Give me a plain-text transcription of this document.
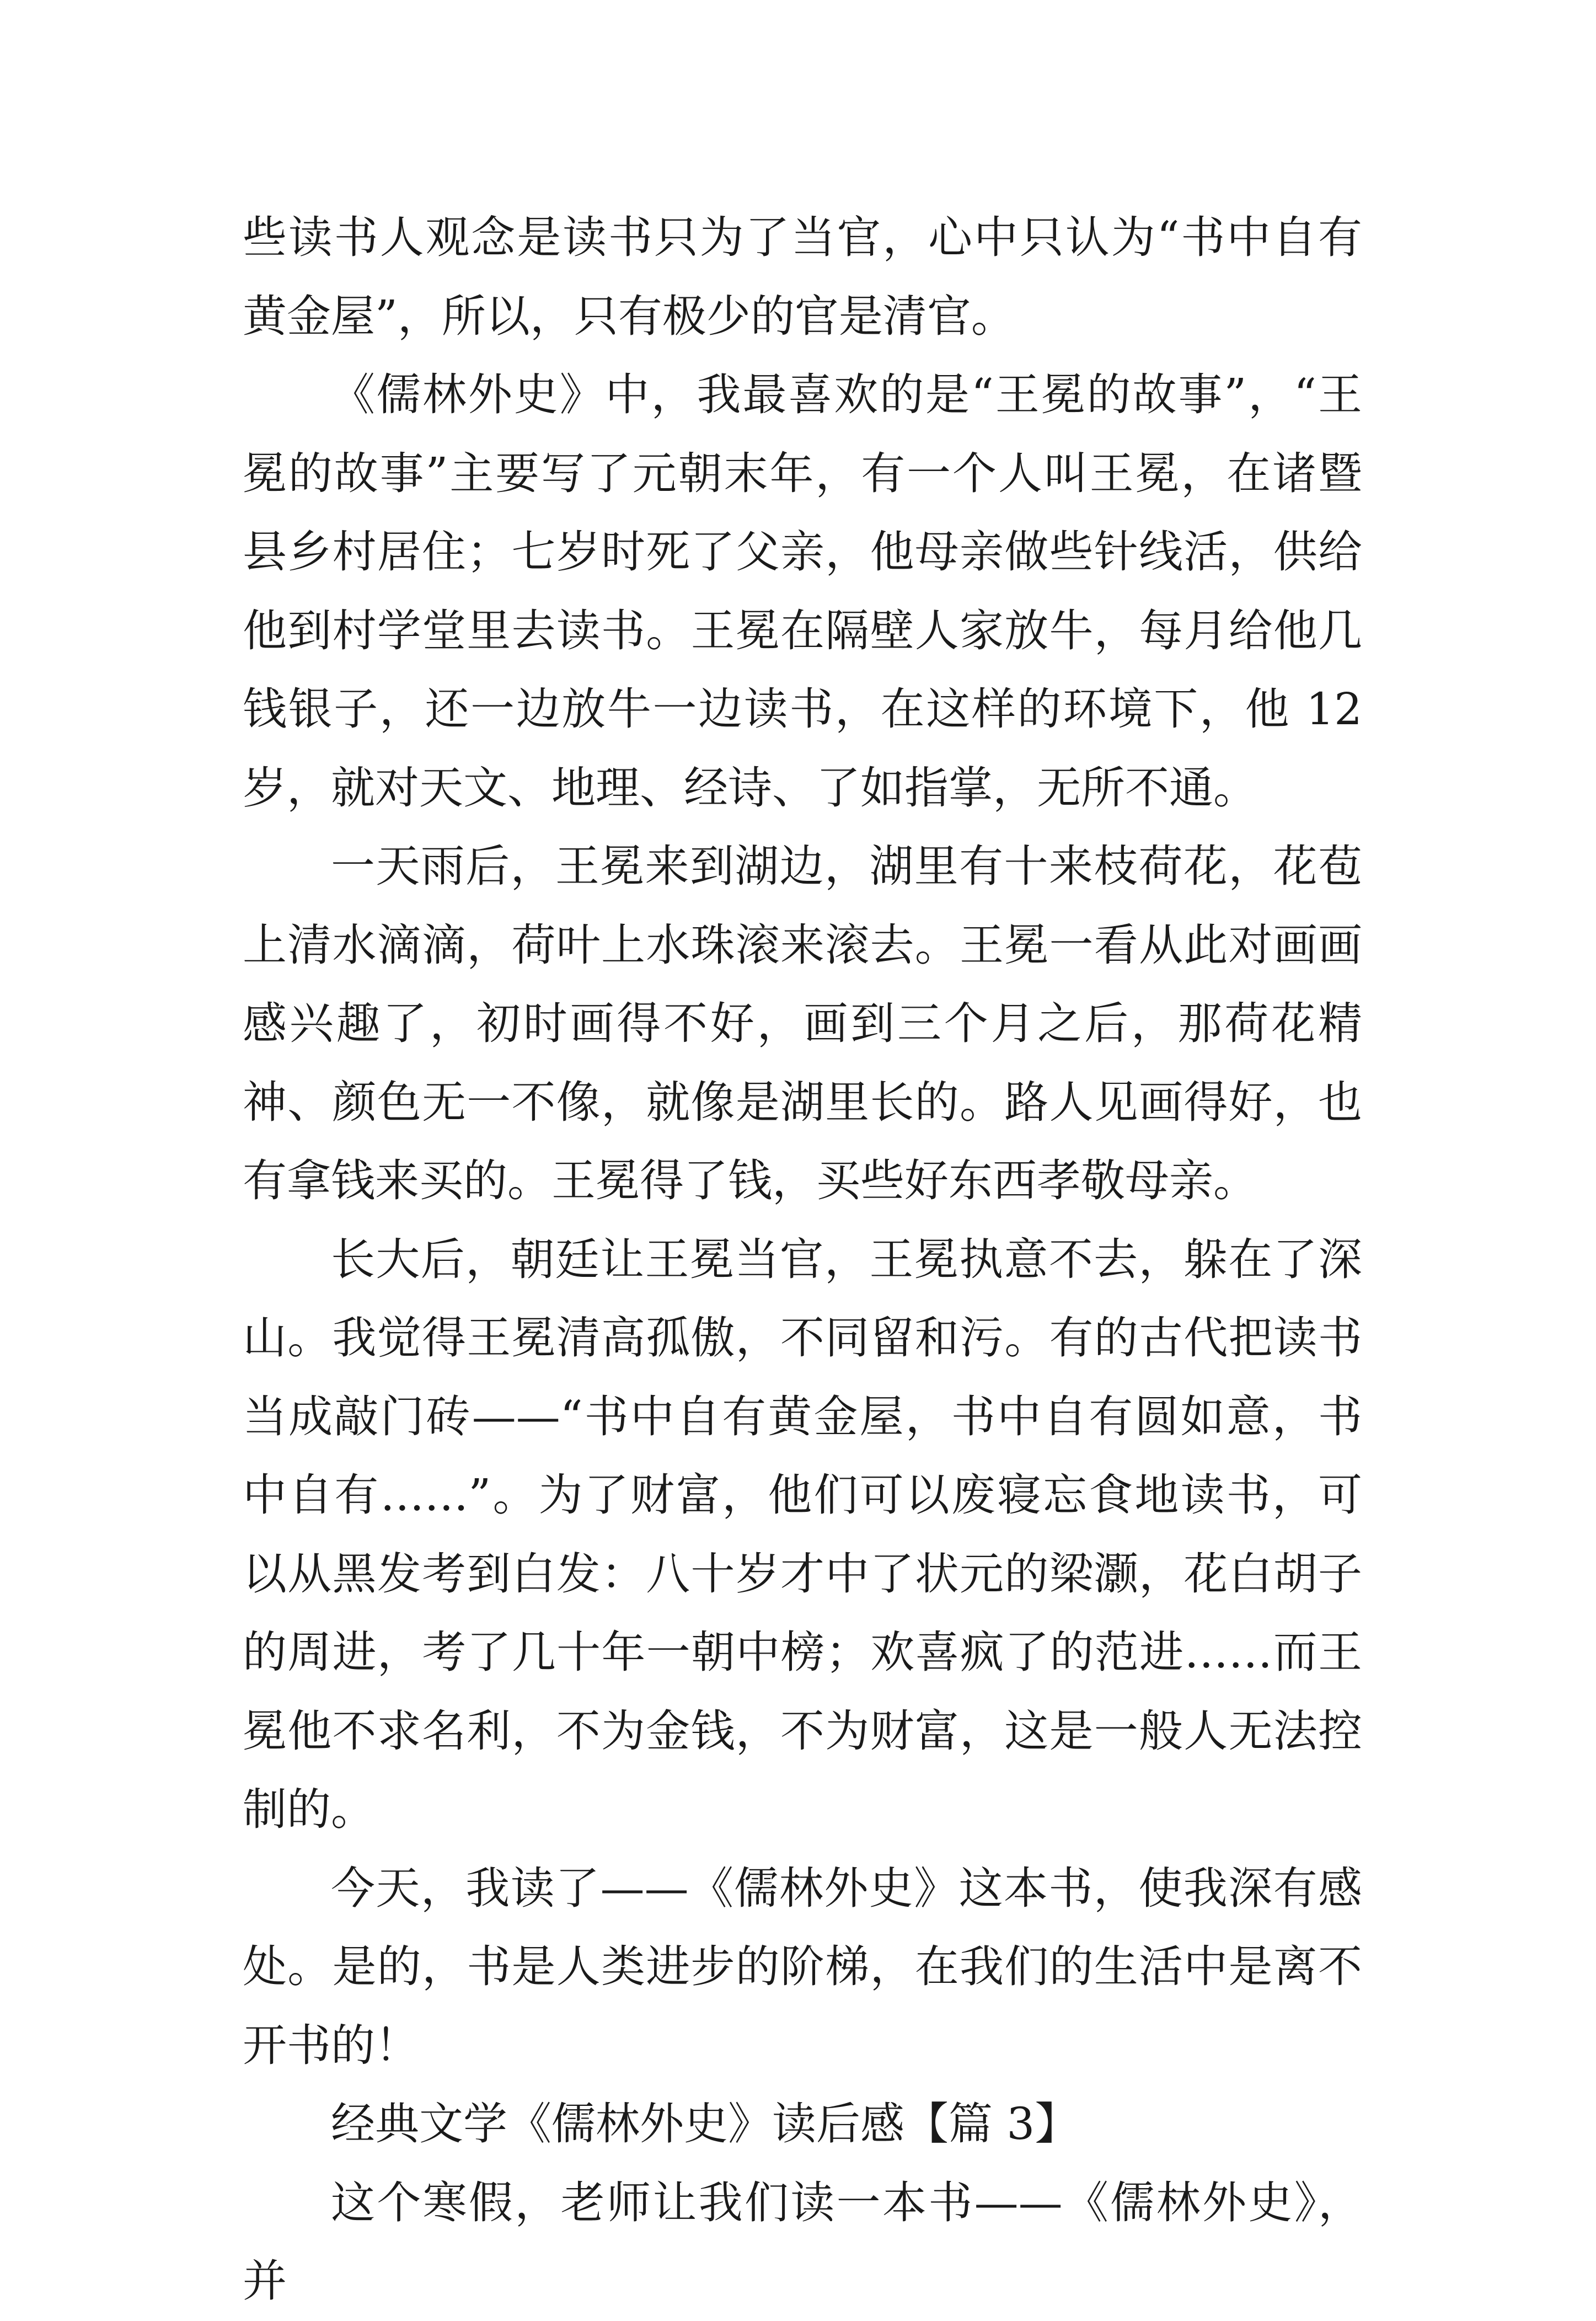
些读书人观念是读书只为了当官，心中只认为“书中自有黄金屋”，所以，只有极少的官是清官。

《儒林外史》中，我最喜欢的是“王冕的故事”，“王冕的故事”主要写了元朝末年，有一个人叫王冕，在诸暨县乡村居住；七岁时死了父亲，他母亲做些针线活，供给他到村学堂里去读书。王冕在隔壁人家放牛，每月给他几钱银子，还一边放牛一边读书，在这样的环境下，他 12 岁，就对天文、地理、经诗、了如指掌，无所不通。

一天雨后，王冕来到湖边，湖里有十来枝荷花，花苞上清水滴滴，荷叶上水珠滚来滚去。王冕一看从此对画画感兴趣了，初时画得不好，画到三个月之后，那荷花精神、颜色无一不像，就像是湖里长的。路人见画得好，也有拿钱来买的。王冕得了钱，买些好东西孝敬母亲。

长大后，朝廷让王冕当官，王冕执意不去，躲在了深山。我觉得王冕清高孤傲，不同留和污。有的古代把读书当成敲门砖——“书中自有黄金屋，书中自有圆如意，书中自有……”。为了财富，他们可以废寝忘食地读书，可以从黑发考到白发：八十岁才中了状元的梁灏，花白胡子的周进，考了几十年一朝中榜；欢喜疯了的范进……而王冕他不求名利，不为金钱，不为财富，这是一般人无法控制的。

今天，我读了——《儒林外史》这本书，使我深有感处。是的，书是人类进步的阶梯，在我们的生活中是离不开书的！

经典文学《儒林外史》读后感【篇 3】

这个寒假，老师让我们读一本书——《儒林外史》，并
